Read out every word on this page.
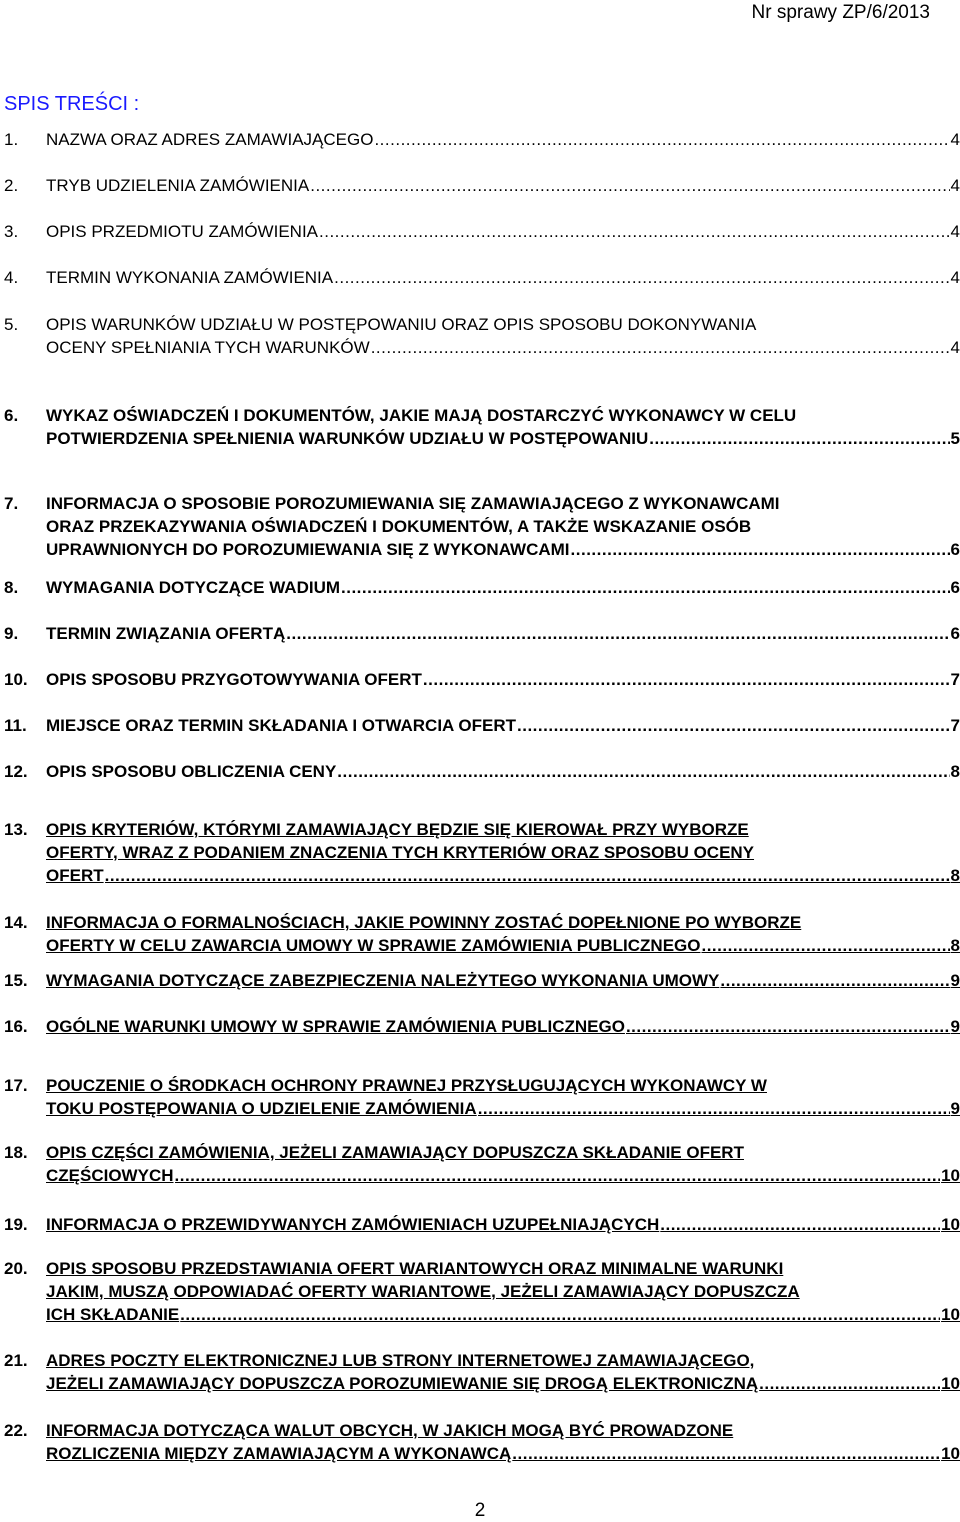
Nr sprawy ZP/6/2013
SPIS TREŚCI :
1.	NAZWA ORAZ ADRES ZAMAWIAJĄCEGO .....	4
2.	TRYB UDZIELENIA ZAMÓWIENIA .....	4
3.	OPIS PRZEDMIOTU ZAMÓWIENIA .....	4
4.	TERMIN WYKONANIA ZAMÓWIENIA .....	4
5.	OPIS WARUNKÓW UDZIAŁU W POSTĘPOWANIU ORAZ OPIS SPOSOBU DOKONYWANIA
OCENY SPEŁNIANIA TYCH WARUNKÓW .....	4
6.	WYKAZ OŚWIADCZEŃ I DOKUMENTÓW, JAKIE MAJĄ DOSTARCZYĆ WYKONAWCY W CELU
POTWIERDZENIA SPEŁNIENIA WARUNKÓW UDZIAŁU W POSTĘPOWANIU .....	5
7.	INFORMACJA O SPOSOBIE POROZUMIEWANIA SIĘ ZAMAWIAJĄCEGO Z WYKONAWCAMI
ORAZ PRZEKAZYWANIA OŚWIADCZEŃ I DOKUMENTÓW, A TAKŻE WSKAZANIE OSÓB
UPRAWNIONYCH DO POROZUMIEWANIA SIĘ Z WYKONAWCAMI .....	6
8.	WYMAGANIA DOTYCZĄCE WADIUM .....	6
9.	TERMIN ZWIĄZANIA OFERTĄ .....	6
10.	OPIS SPOSOBU PRZYGOTOWYWANIA OFERT .....	7
11.	MIEJSCE ORAZ TERMIN SKŁADANIA I OTWARCIA OFERT .....	7
12.	OPIS SPOSOBU OBLICZENIA CENY .....	8
13.	OPIS KRYTERIÓW, KTÓRYMI ZAMAWIAJĄCY BĘDZIE SIĘ KIEROWAŁ PRZY WYBORZE
OFERTY, WRAZ Z PODANIEM ZNACZENIA TYCH KRYTERIÓW ORAZ SPOSOBU OCENY
OFERT .....	8
14.	INFORMACJA O FORMALNOŚCIACH, JAKIE POWINNY ZOSTAĆ DOPEŁNIONE PO WYBORZE
OFERTY W CELU ZAWARCIA UMOWY W SPRAWIE ZAMÓWIENIA PUBLICZNEGO .....	8
15.	WYMAGANIA DOTYCZĄCE ZABEZPIECZENIA NALEŻYTEGO WYKONANIA UMOWY .....	9
16.	OGÓLNE WARUNKI UMOWY W SPRAWIE ZAMÓWIENIA PUBLICZNEGO .....	9
17.	POUCZENIE O ŚRODKACH OCHRONY PRAWNEJ PRZYSŁUGUJĄCYCH WYKONAWCY W
TOKU POSTĘPOWANIA O UDZIELENIE ZAMÓWIENIA .....	9
18.	OPIS CZĘŚCI ZAMÓWIENIA, JEŻELI ZAMAWIAJĄCY DOPUSZCZA SKŁADANIE OFERT
CZĘŚCIOWYCH .....	10
19.	INFORMACJA O PRZEWIDYWANYCH ZAMÓWIENIACH UZUPEŁNIAJĄCYCH .....	10
20.	OPIS SPOSOBU PRZEDSTAWIANIA OFERT WARIANTOWYCH ORAZ MINIMALNE WARUNKI
JAKIM, MUSZĄ ODPOWIADAĆ OFERTY WARIANTOWE, JEŻELI ZAMAWIAJĄCY DOPUSZCZA
ICH SKŁADANIE .....	10
21.	ADRES POCZTY ELEKTRONICZNEJ LUB STRONY INTERNETOWEJ ZAMAWIAJĄCEGO,
JEŻELI ZAMAWIAJĄCY DOPUSZCZA POROZUMIEWANIE SIĘ DROGĄ ELEKTRONICZNĄ .....	10
22.	INFORMACJA DOTYCZĄCA WALUT OBCYCH, W JAKICH MOGĄ BYĆ PROWADZONE
ROZLICZENIA MIĘDZY ZAMAWIAJĄCYM A WYKONAWCĄ .....	10
2
